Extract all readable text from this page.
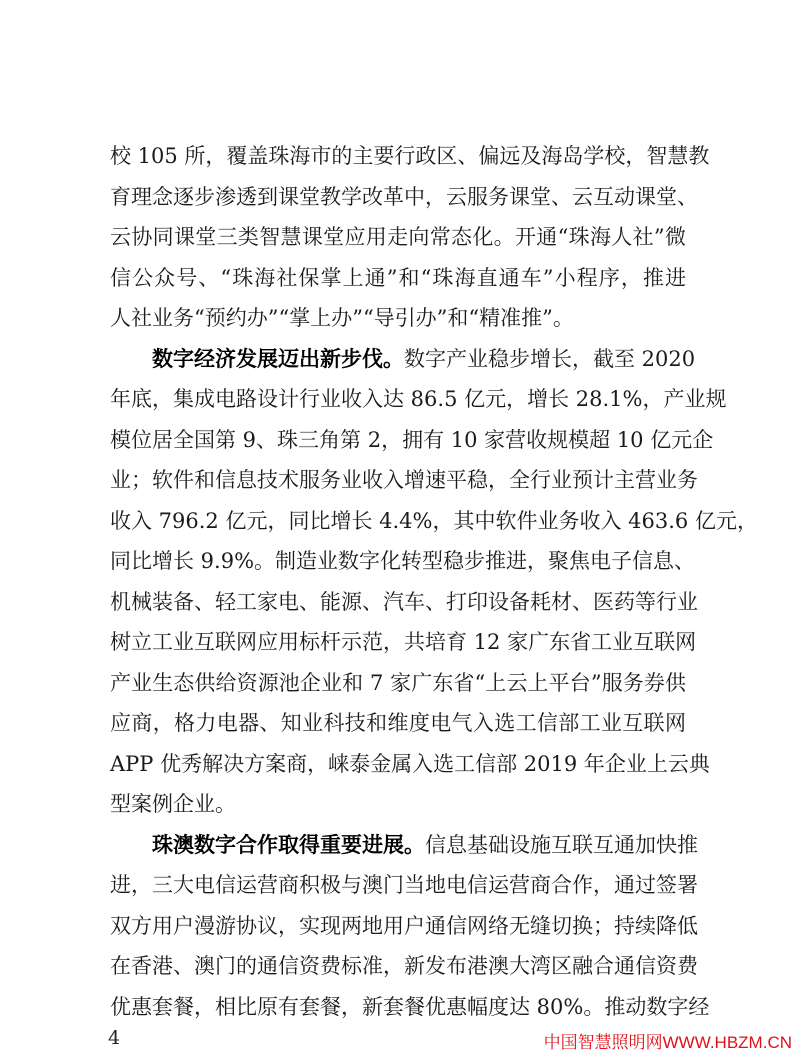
校 105 所，覆盖珠海市的主要行政区、偏远及海岛学校，智慧教
育理念逐步渗透到课堂教学改革中，云服务课堂、云互动课堂、
云协同课堂三类智慧课堂应用走向常态化。开通“珠海人社”微
信公众号、“珠海社保掌上通”和“珠海直通车”小程序，推进
人社业务“预约办”“掌上办”“导引办”和“精准推”。
数字经济发展迈出新步伐。数字产业稳步增长，截至 2020
年底，集成电路设计行业收入达 86.5 亿元，增长 28.1%，产业规
模位居全国第 9、珠三角第 2，拥有 10 家营收规模超 10 亿元企
业；软件和信息技术服务业收入增速平稳，全行业预计主营业务
收入 796.2 亿元，同比增长 4.4%，其中软件业务收入 463.6 亿元，
同比增长 9.9%。制造业数字化转型稳步推进，聚焦电子信息、
机械装备、轻工家电、能源、汽车、打印设备耗材、医药等行业
树立工业互联网应用标杆示范，共培育 12 家广东省工业互联网
产业生态供给资源池企业和 7 家广东省“上云上平台”服务券供
应商，格力电器、知业科技和维度电气入选工信部工业互联网
APP 优秀解决方案商，崃泰金属入选工信部 2019 年企业上云典
型案例企业。
珠澳数字合作取得重要进展。信息基础设施互联互通加快推
进，三大电信运营商积极与澳门当地电信运营商合作，通过签署
双方用户漫游协议，实现两地用户通信网络无缝切换；持续降低
在香港、澳门的通信资费标准，新发布港澳大湾区融合通信资费
优惠套餐，相比原有套餐，新套餐优惠幅度达 80%。推动数字经
4	中国智慧照明网WWW.HBZM.CN
